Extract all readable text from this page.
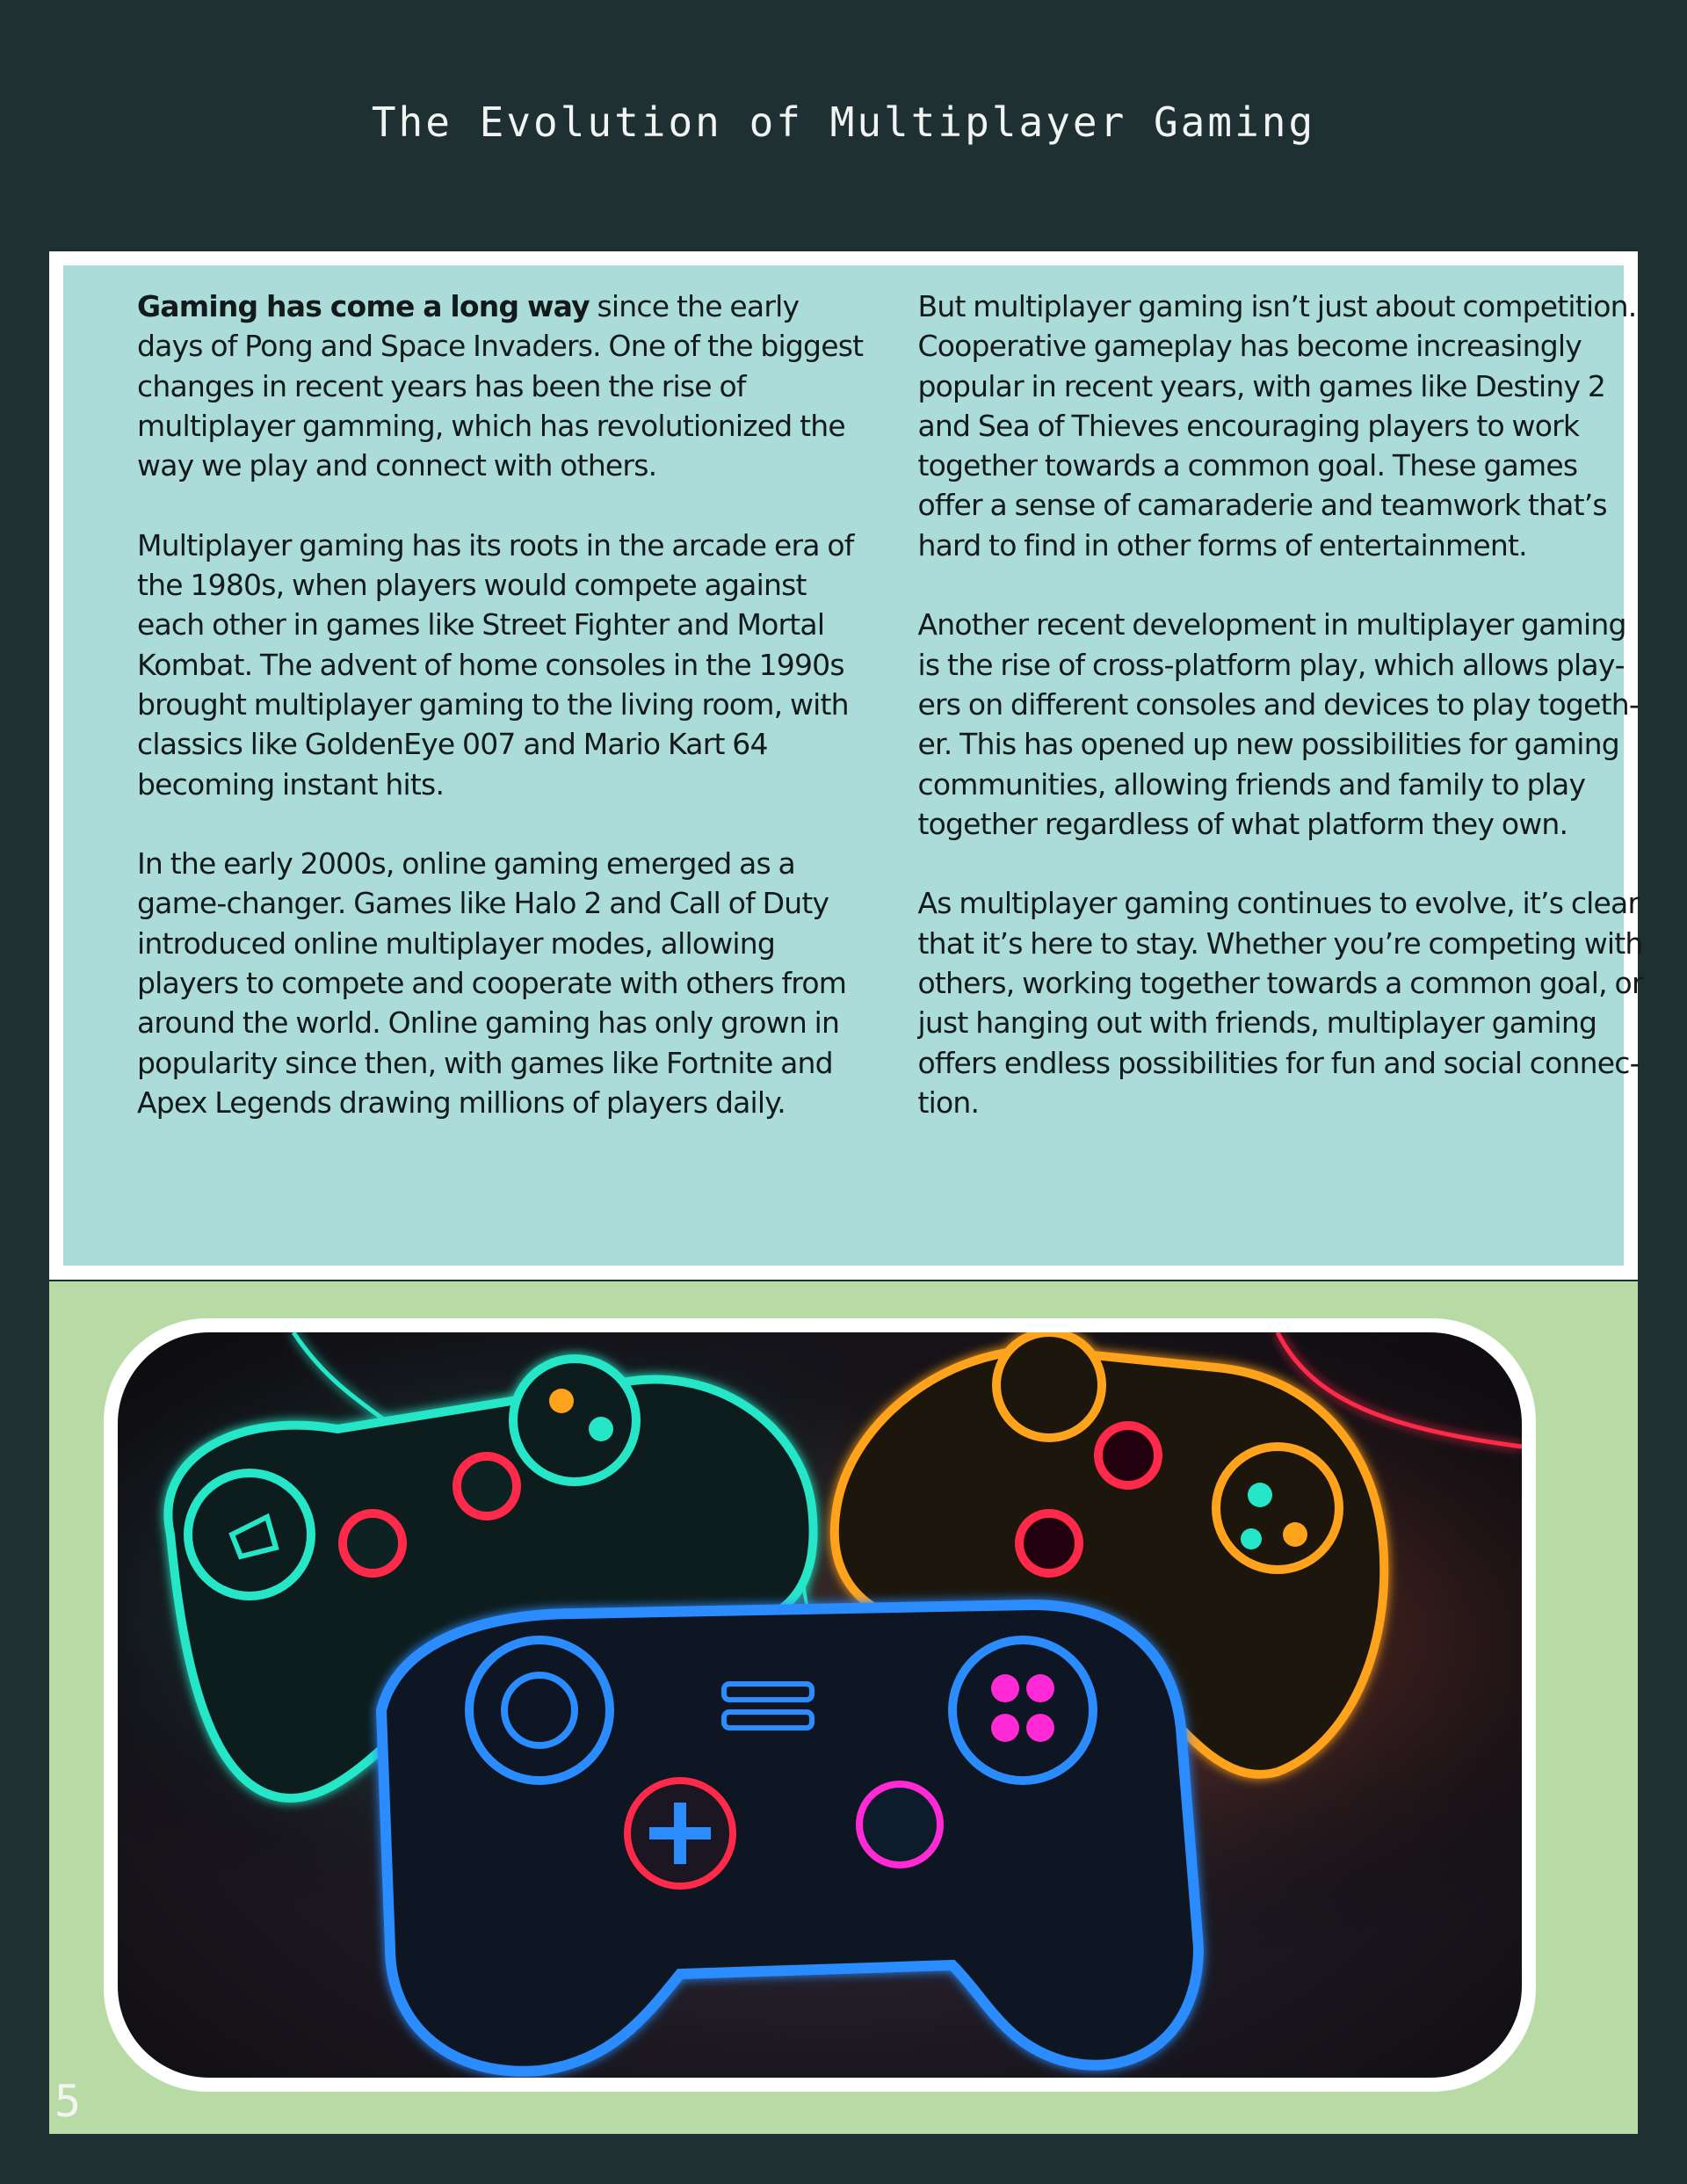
The Evolution of Multiplayer Gaming

Gaming has come a long way since the early days of Pong and Space Invaders. One of the biggest changes in recent years has been the rise of multiplayer gamming, which has revolutionized the way we play and connect with others.

Multiplayer gaming has its roots in the arcade era of the 1980s, when players would compete against each other in games like Street Fighter and Mortal Kombat. The advent of home consoles in the 1990s brought multiplayer gaming to the living room, with classics like GoldenEye 007 and Mario Kart 64 becoming instant hits.

In the early 2000s, online gaming emerged as a game-changer. Games like Halo 2 and Call of Duty introduced online multiplayer modes, allowing players to compete and cooperate with others from around the world. Online gaming has only grown in popularity since then, with games like Fortnite and Apex Legends drawing millions of players daily.

But multiplayer gaming isn’t just about competition. Cooperative gameplay has become increasingly popular in recent years, with games like Destiny 2 and Sea of Thieves encouraging players to work together towards a common goal. These games offer a sense of camaraderie and teamwork that’s hard to find in other forms of entertainment.

Another recent development in multiplayer gaming is the rise of cross-platform play, which allows players on different consoles and devices to play together. This has opened up new possibilities for gaming communities, allowing friends and family to play together regardless of what platform they own.

As multiplayer gaming continues to evolve, it’s clear that it’s here to stay. Whether you’re competing with others, working together towards a common goal, or just hanging out with friends, multiplayer gaming offers endless possibilities for fun and social connection.

5
